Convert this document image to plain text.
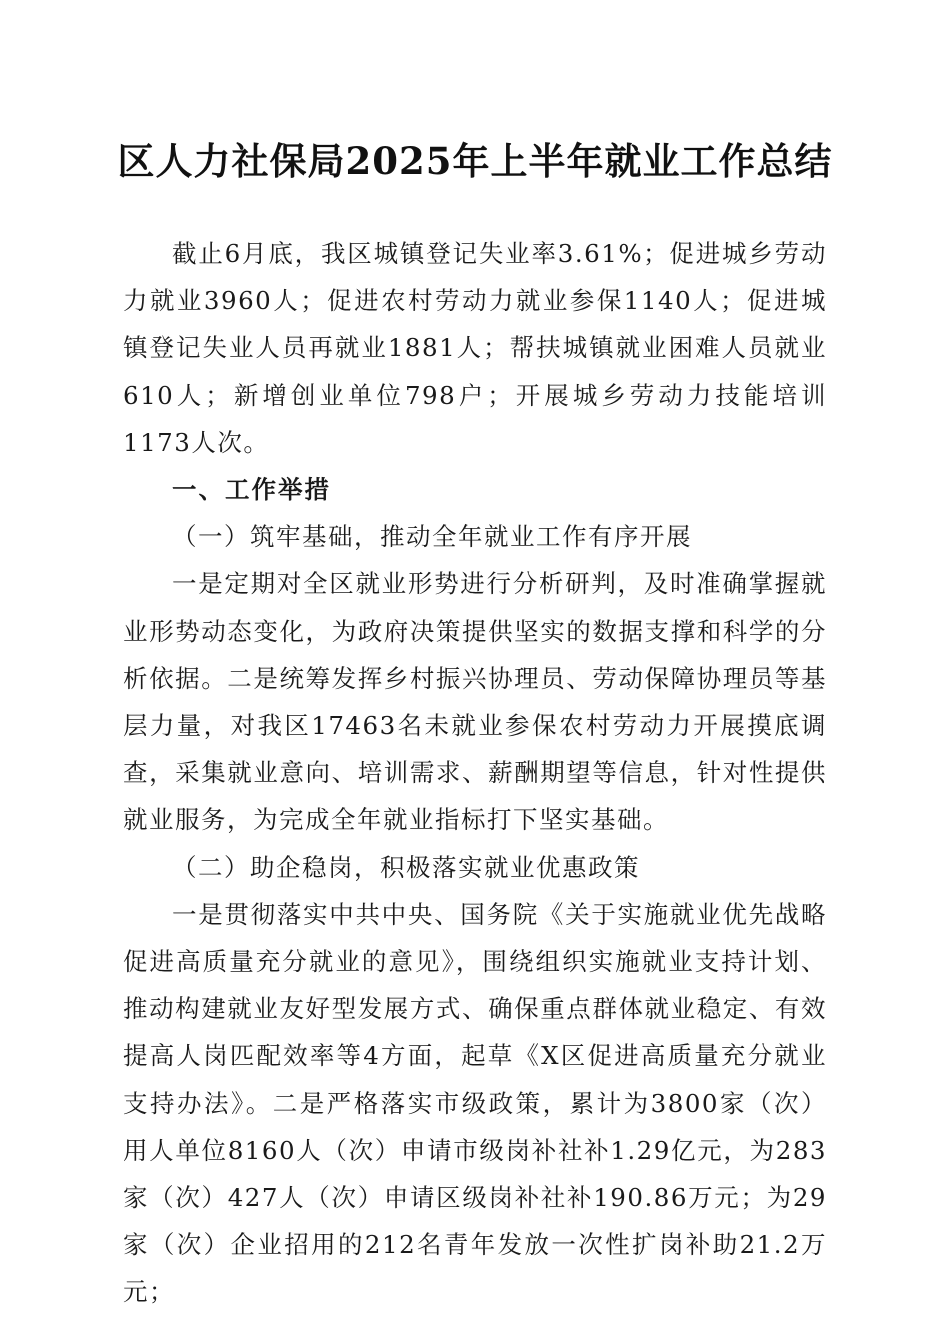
区人力社保局2025年上半年就业工作总结

截止6月底，我区城镇登记失业率3.61%；促进城乡劳动力就业3960人；促进农村劳动力就业参保1140人；促进城镇登记失业人员再就业1881人；帮扶城镇就业困难人员就业610人；新增创业单位798户；开展城乡劳动力技能培训1173人次。

一、工作举措

（一）筑牢基础，推动全年就业工作有序开展

一是定期对全区就业形势进行分析研判，及时准确掌握就业形势动态变化，为政府决策提供坚实的数据支撑和科学的分析依据。二是统筹发挥乡村振兴协理员、劳动保障协理员等基层力量，对我区17463名未就业参保农村劳动力开展摸底调查，采集就业意向、培训需求、薪酬期望等信息，针对性提供就业服务，为完成全年就业指标打下坚实基础。

（二）助企稳岗，积极落实就业优惠政策

一是贯彻落实中共中央、国务院《关于实施就业优先战略促进高质量充分就业的意见》，围绕组织实施就业支持计划、推动构建就业友好型发展方式、确保重点群体就业稳定、有效提高人岗匹配效率等4方面，起草《X区促进高质量充分就业支持办法》。二是严格落实市级政策，累计为3800家（次）用人单位8160人（次）申请市级岗补社补1.29亿元，为283家（次）427人（次）申请区级岗补社补190.86万元；为29家（次）企业招用的212名青年发放一次性扩岗补助21.2万元；
